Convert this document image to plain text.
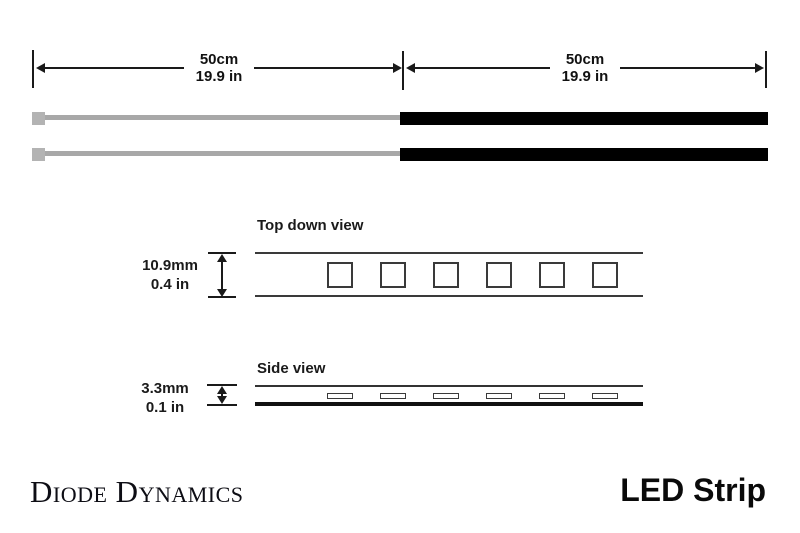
50cm
19.9 in
50cm
19.9 in
Top down view
10.9mm
0.4 in
Side view
3.3mm
0.1 in
Diode Dynamics	LED Strip
